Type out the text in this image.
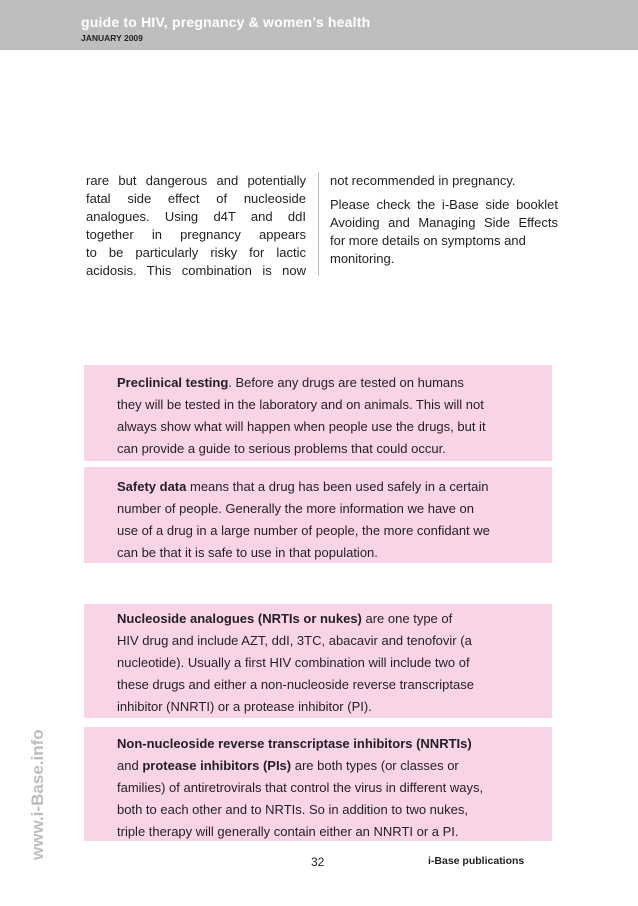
guide to HIV, pregnancy & women’s health
JANUARY 2009
rare but dangerous and potentially
fatal side effect of nucleoside
analogues. Using d4T and ddI
together in pregnancy appears
to be particularly risky for lactic
acidosis. This combination is now
not recommended in pregnancy.
Please check the i-Base side booklet
Avoiding and Managing Side Effects
for more details on symptoms and
monitoring.
Preclinical testing. Before any drugs are tested on humans
they will be tested in the laboratory and on animals. This will not
always show what will happen when people use the drugs, but it
can provide a guide to serious problems that could occur.
Safety data means that a drug has been used safely in a certain
number of people. Generally the more information we have on
use of a drug in a large number of people, the more confidant we
can be that it is safe to use in that population.
Nucleoside analogues (NRTIs or nukes) are one type of
HIV drug and include AZT, ddI, 3TC, abacavir and tenofovir (a
nucleotide). Usually a first HIV combination will include two of
these drugs and either a non-nucleoside reverse transcriptase
inhibitor (NNRTI) or a protease inhibitor (PI).
Non-nucleoside reverse transcriptase inhibitors (NNRTIs)
and protease inhibitors (PIs) are both types (or classes or
families) of antiretrovirals that control the virus in different ways,
both to each other and to NRTIs. So in addition to two nukes,
triple therapy will generally contain either an NNRTI or a PI.
www.i-Base.info
32	i-Base publications
